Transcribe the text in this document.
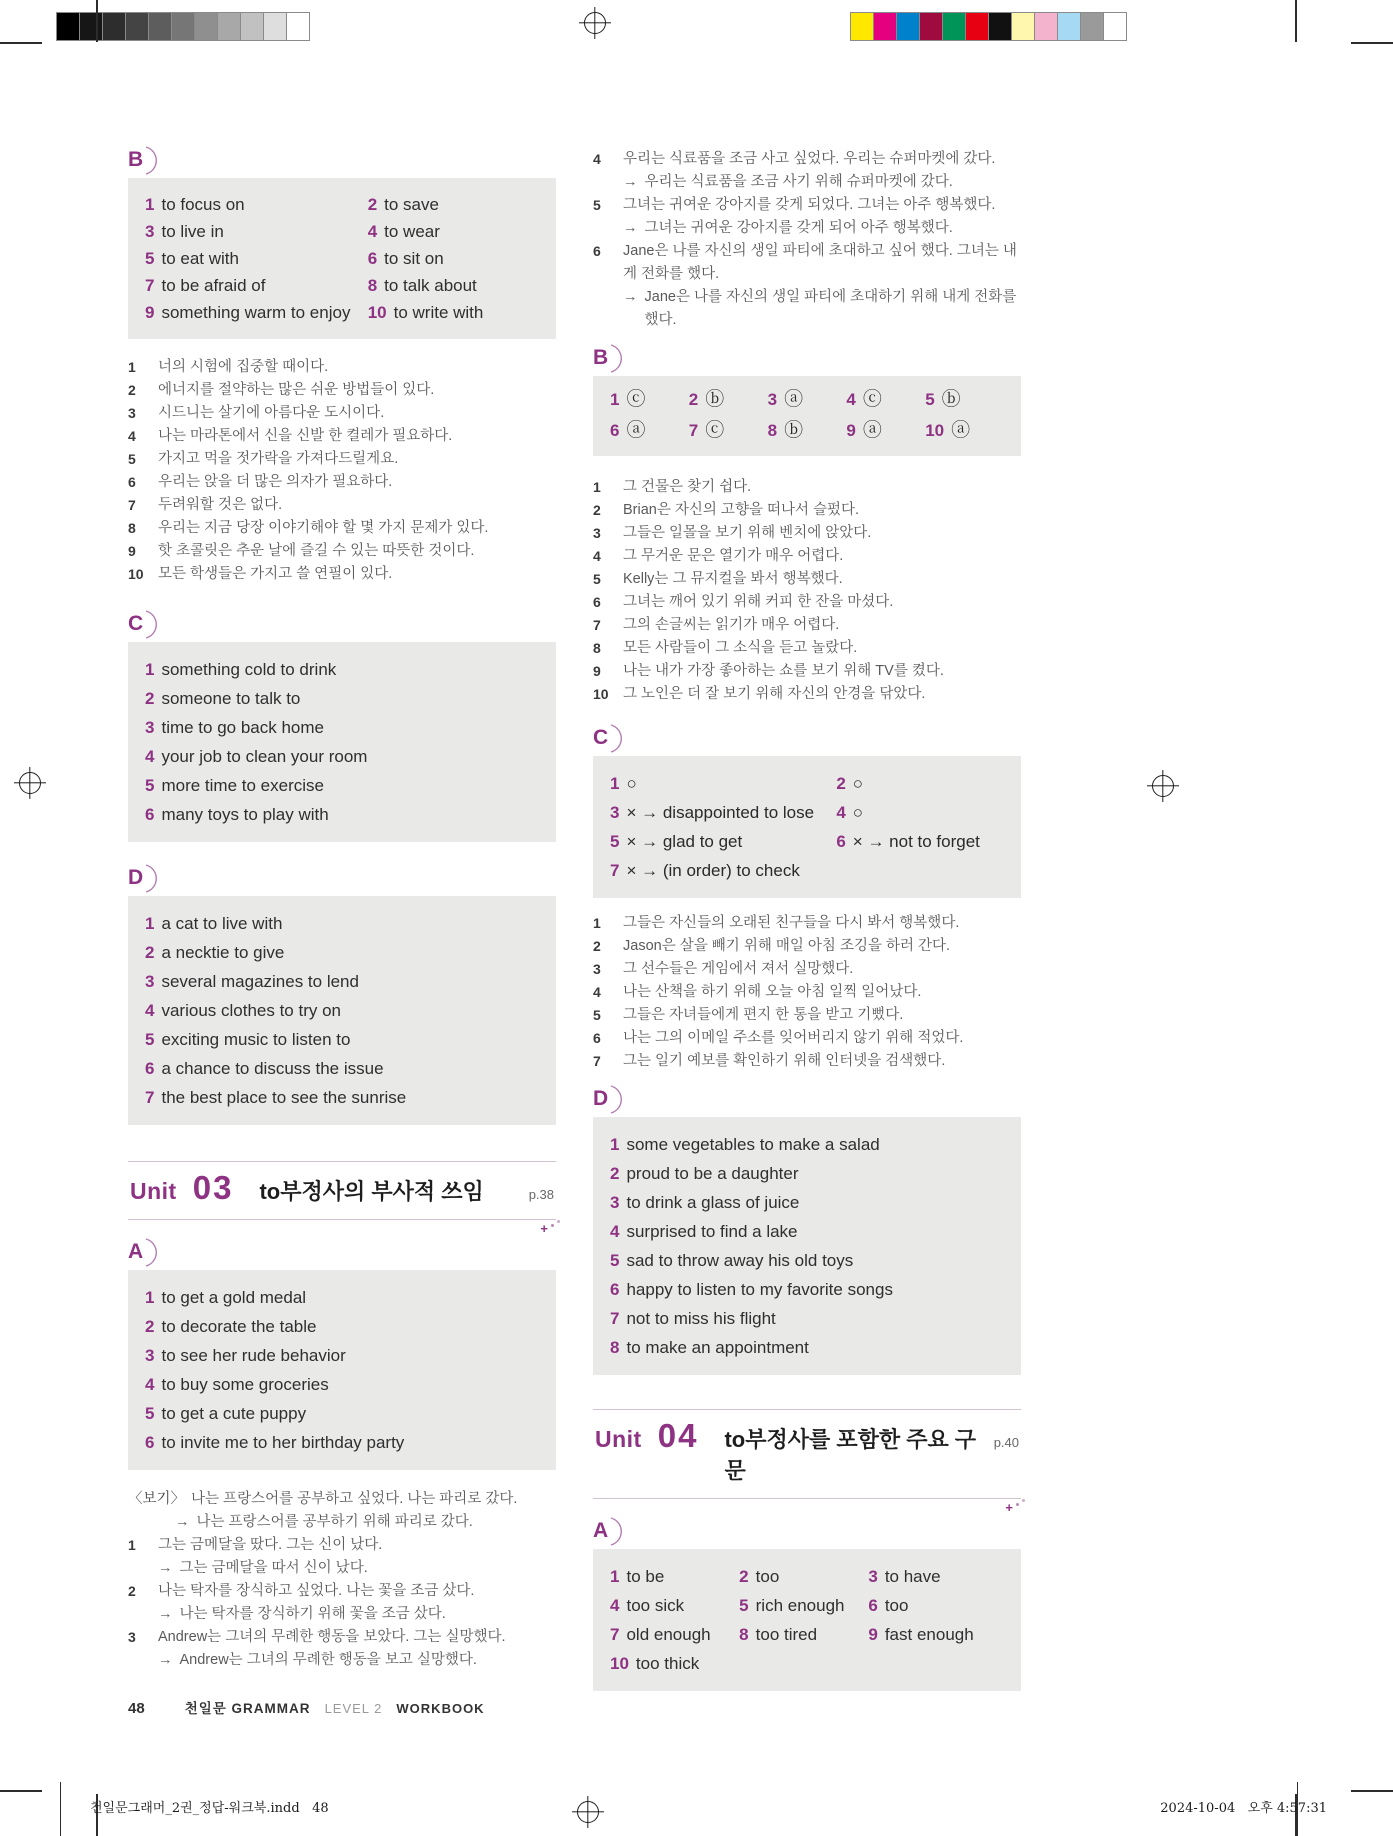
B
1 to focus on	2 to save
3 to live in	4 to wear
5 to eat with	6 to sit on
7 to be afraid of	8 to talk about
9 something warm to enjoy	10 to write with
1	너의 시험에 집중할 때이다.
2	에너지를 절약하는 많은 쉬운 방법들이 있다.
3	시드니는 살기에 아름다운 도시이다.
4	나는 마라톤에서 신을 신발 한 켤레가 필요하다.
5	가지고 먹을 젓가락을 가져다드릴게요.
6	우리는 앉을 더 많은 의자가 필요하다.
7	두려워할 것은 없다.
8	우리는 지금 당장 이야기해야 할 몇 가지 문제가 있다.
9	핫 초콜릿은 추운 날에 즐길 수 있는 따뜻한 것이다.
10 모든 학생들은 가지고 쓸 연필이 있다.
C
1 something cold to drink
2 someone to talk to
3 time to go back home
4 your job to clean your room
5 more time to exercise
6 many toys to play with
D
1 a cat to live with
2 a necktie to give
3 several magazines to lend
4 various clothes to try on
5 exciting music to listen to
6 a chance to discuss the issue
7 the best place to see the sunrise
Unit 03 to부정사의 부사적 쓰임	p.38
+
A
1 to get a gold medal
2 to decorate the table
3 to see her rude behavior
4 to buy some groceries
5 to get a cute puppy
6 to invite me to her birthday party
〈보기〉 나는 프랑스어를 공부하고 싶었다. 나는 파리로 갔다.
→ 나는 프랑스어를 공부하기 위해 파리로 갔다.
1	그는 금메달을 땄다. 그는 신이 났다.
→ 그는 금메달을 따서 신이 났다.
2	나는 탁자를 장식하고 싶었다. 나는 꽃을 조금 샀다.
→ 나는 탁자를 장식하기 위해 꽃을 조금 샀다.
3	Andrew는 그녀의 무례한 행동을 보았다. 그는 실망했다.
→ Andrew는 그녀의 무례한 행동을 보고 실망했다.
4	우리는 식료품을 조금 사고 싶었다. 우리는 슈퍼마켓에 갔다.
→ 우리는 식료품을 조금 사기 위해 슈퍼마켓에 갔다.
5	그녀는 귀여운 강아지를 갖게 되었다. 그녀는 아주 행복했다.
→ 그녀는 귀여운 강아지를 갖게 되어 아주 행복했다.
6	Jane은 나를 자신의 생일 파티에 초대하고 싶어 했다. 그녀는 내게 전화를 했다.
→ Jane은 나를 자신의 생일 파티에 초대하기 위해 내게 전화를 했다.
B
1 ⓒ	2 ⓑ	3 ⓐ	4 ⓒ	5 ⓑ
6 ⓐ	7 ⓒ	8 ⓑ	9 ⓐ	10 ⓐ
1	그 건물은 찾기 쉽다.
2	Brian은 자신의 고향을 떠나서 슬펐다.
3	그들은 일몰을 보기 위해 벤치에 앉았다.
4	그 무거운 문은 열기가 매우 어렵다.
5	Kelly는 그 뮤지컬을 봐서 행복했다.
6	그녀는 깨어 있기 위해 커피 한 잔을 마셨다.
7	그의 손글씨는 읽기가 매우 어렵다.
8	모든 사람들이 그 소식을 듣고 놀랐다.
9	나는 내가 가장 좋아하는 쇼를 보기 위해 TV를 켰다.
10 그 노인은 더 잘 보기 위해 자신의 안경을 닦았다.
C
1 ○	2 ○
3 × → disappointed to lose	4 ○
5 × → glad to get	6 × → not to forget
7 × → (in order) to check
1	그들은 자신들의 오래된 친구들을 다시 봐서 행복했다.
2	Jason은 살을 빼기 위해 매일 아침 조깅을 하러 간다.
3	그 선수들은 게임에서 져서 실망했다.
4	나는 산책을 하기 위해 오늘 아침 일찍 일어났다.
5	그들은 자녀들에게 편지 한 통을 받고 기뻤다.
6	나는 그의 이메일 주소를 잊어버리지 않기 위해 적었다.
7	그는 일기 예보를 확인하기 위해 인터넷을 검색했다.
D
1 some vegetables to make a salad
2 proud to be a daughter
3 to drink a glass of juice
4 surprised to find a lake
5 sad to throw away his old toys
6 happy to listen to my favorite songs
7 not to miss his flight
8 to make an appointment
Unit 04 to부정사를 포함한 주요 구문
p.40
+
A
1 to be	2 too	3 to have
4 too sick	5 rich enough	6 too
7 old enough	8 too tired	9 fast enough
10 too thick
48	천일문 GRAMMAR LEVEL 2 WORKBOOK
천일문그래머_2권_정답-워크북.indd   48	2024-10-04   오후 4:57:31
